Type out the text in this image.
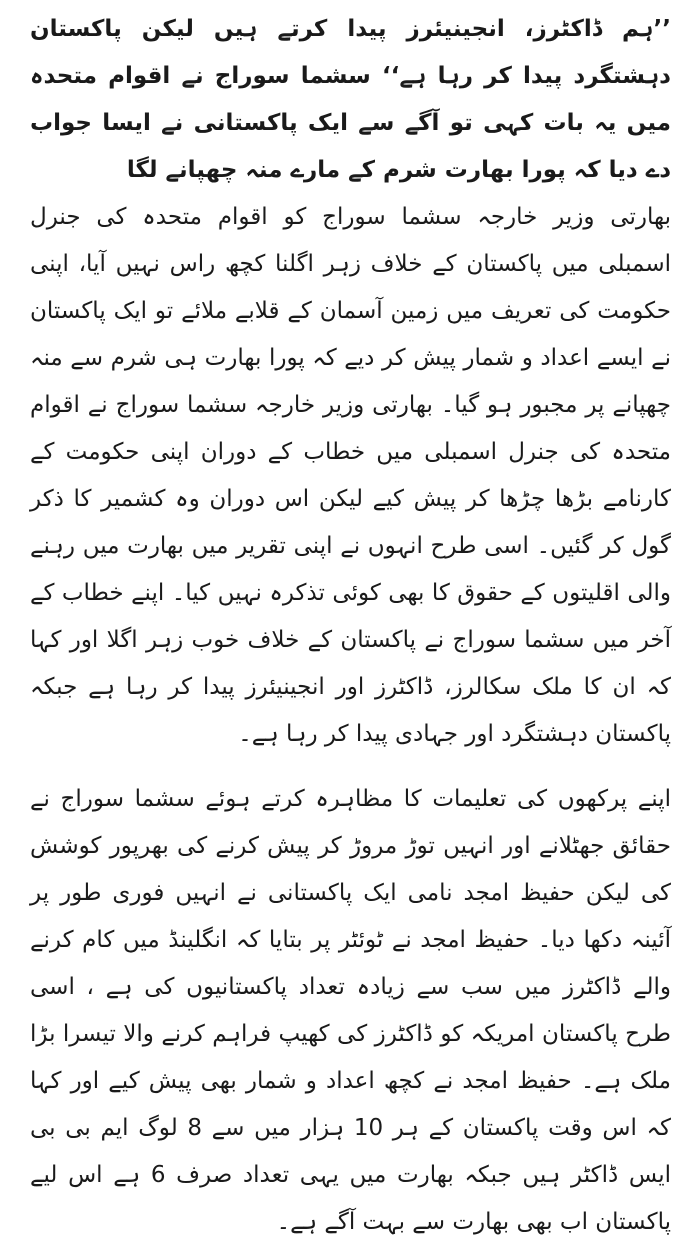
’’ہم ڈاکٹرز، انجینیئرز پیدا کرتے ہیں لیکن پاکستان دہشتگرد پیدا کر رہا ہے‘‘ سشما سوراج نے اقوام متحدہ میں یہ بات کہی تو آگے سے ایک پاکستانی نے ایسا جواب دے دیا کہ پورا بھارت شرم کے مارے منہ چھپانے لگا

بھارتی وزیر خارجہ سشما سوراج کو اقوام متحدہ کی جنرل اسمبلی میں پاکستان کے خلاف زہر اگلنا کچھ راس نہیں آیا، اپنی حکومت کی تعریف میں زمین آسمان کے قلابے ملائے تو ایک پاکستان نے ایسے اعداد و شمار پیش کر دیے کہ پورا بھارت ہی شرم سے منہ چھپانے پر مجبور ہو گیا۔ بھارتی وزیر خارجہ سشما سوراج نے اقوام متحدہ کی جنرل اسمبلی میں خطاب کے دوران اپنی حکومت کے کارنامے بڑھا چڑھا کر پیش کیے لیکن اس دوران وہ کشمیر کا ذکر گول کر گئیں۔ اسی طرح انہوں نے اپنی تقریر میں بھارت میں رہنے والی اقلیتوں کے حقوق کا بھی کوئی تذکرہ نہیں کیا۔ اپنے خطاب کے آخر میں سشما سوراج نے پاکستان کے خلاف خوب زہر اگلا اور کہا کہ ان کا ملک سکالرز، ڈاکٹرز اور انجینیئرز پیدا کر رہا ہے جبکہ پاکستان دہشتگرد اور جہادی پیدا کر رہا ہے۔

اپنے پرکھوں کی تعلیمات کا مظاہرہ کرتے ہوئے سشما سوراج نے حقائق جھٹلانے اور انہیں توڑ مروڑ کر پیش کرنے کی بھرپور کوشش کی لیکن حفیظ امجد نامی ایک پاکستانی نے انہیں فوری طور پر آئینہ دکھا دیا۔ حفیظ امجد نے ٹوئٹر پر بتایا کہ انگلینڈ میں کام کرنے والے ڈاکٹرز میں سب سے زیادہ تعداد پاکستانیوں کی ہے ، اسی طرح پاکستان امریکہ کو ڈاکٹرز کی کھیپ فراہم کرنے والا تیسرا بڑا ملک ہے۔ حفیظ امجد نے کچھ اعداد و شمار بھی پیش کیے اور کہا کہ اس وقت پاکستان کے ہر 10 ہزار میں سے 8 لوگ ایم بی بی ایس ڈاکٹر ہیں جبکہ بھارت میں یہی تعداد صرف 6 ہے اس لیے پاکستان اب بھی بھارت سے بہت آگے ہے۔
